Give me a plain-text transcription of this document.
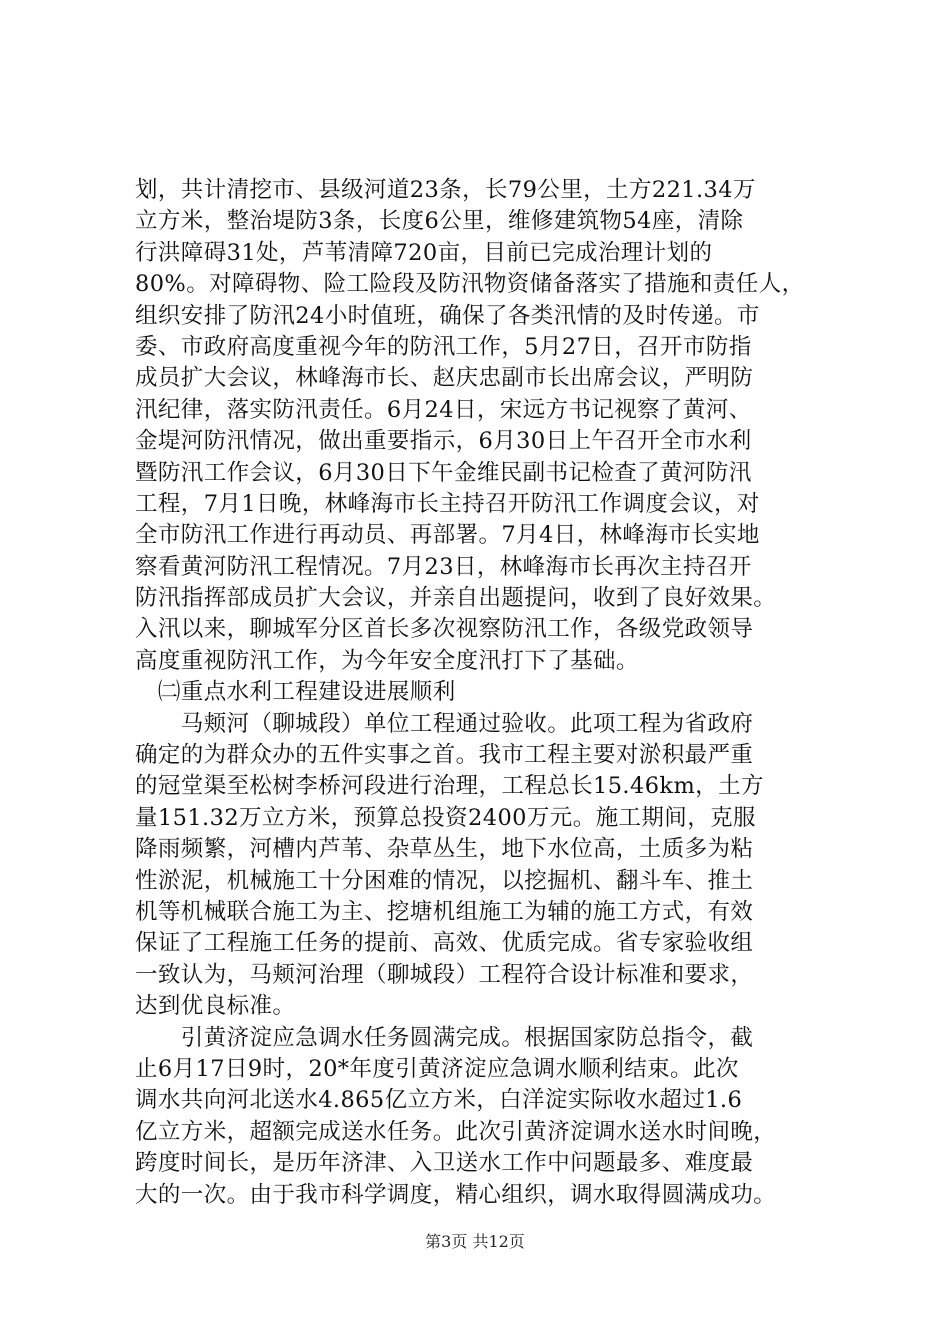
划，共计清挖市、县级河道23条，长79公里，土方221.34万
立方米，整治堤防3条，长度6公里，维修建筑物54座，清除
行洪障碍31处，芦苇清障720亩，目前已完成治理计划的
80%。对障碍物、险工险段及防汛物资储备落实了措施和责任人，
组织安排了防汛24小时值班，确保了各类汛情的及时传递。市
委、市政府高度重视今年的防汛工作，5月27日，召开市防指
成员扩大会议，林峰海市长、赵庆忠副市长出席会议，严明防
汛纪律，落实防汛责任。6月24日，宋远方书记视察了黄河、
金堤河防汛情况，做出重要指示，6月30日上午召开全市水利
暨防汛工作会议，6月30日下午金维民副书记检查了黄河防汛
工程，7月1日晚，林峰海市长主持召开防汛工作调度会议，对
全市防汛工作进行再动员、再部署。7月4日，林峰海市长实地
察看黄河防汛工程情况。7月23日，林峰海市长再次主持召开
防汛指挥部成员扩大会议，并亲自出题提问，收到了良好效果。
入汛以来，聊城军分区首长多次视察防汛工作，各级党政领导
高度重视防汛工作，为今年安全度汛打下了基础。
　㈡重点水利工程建设进展顺利
　　马颊河（聊城段）单位工程通过验收。此项工程为省政府
确定的为群众办的五件实事之首。我市工程主要对淤积最严重
的冠堂渠至松树李桥河段进行治理，工程总长15.46km，土方
量151.32万立方米，预算总投资2400万元。施工期间，克服
降雨频繁，河槽内芦苇、杂草丛生，地下水位高，土质多为粘
性淤泥，机械施工十分困难的情况，以挖掘机、翻斗车、推土
机等机械联合施工为主、挖塘机组施工为辅的施工方式，有效
保证了工程施工任务的提前、高效、优质完成。省专家验收组
一致认为，马颊河治理（聊城段）工程符合设计标准和要求，
达到优良标准。
　　引黄济淀应急调水任务圆满完成。根据国家防总指令，截
止6月17日9时，20*年度引黄济淀应急调水顺利结束。此次
调水共向河北送水4.865亿立方米，白洋淀实际收水超过1.6
亿立方米，超额完成送水任务。此次引黄济淀调水送水时间晚，
跨度时间长，是历年济津、入卫送水工作中问题最多、难度最
大的一次。由于我市科学调度，精心组织，调水取得圆满成功。
第3页 共12页
